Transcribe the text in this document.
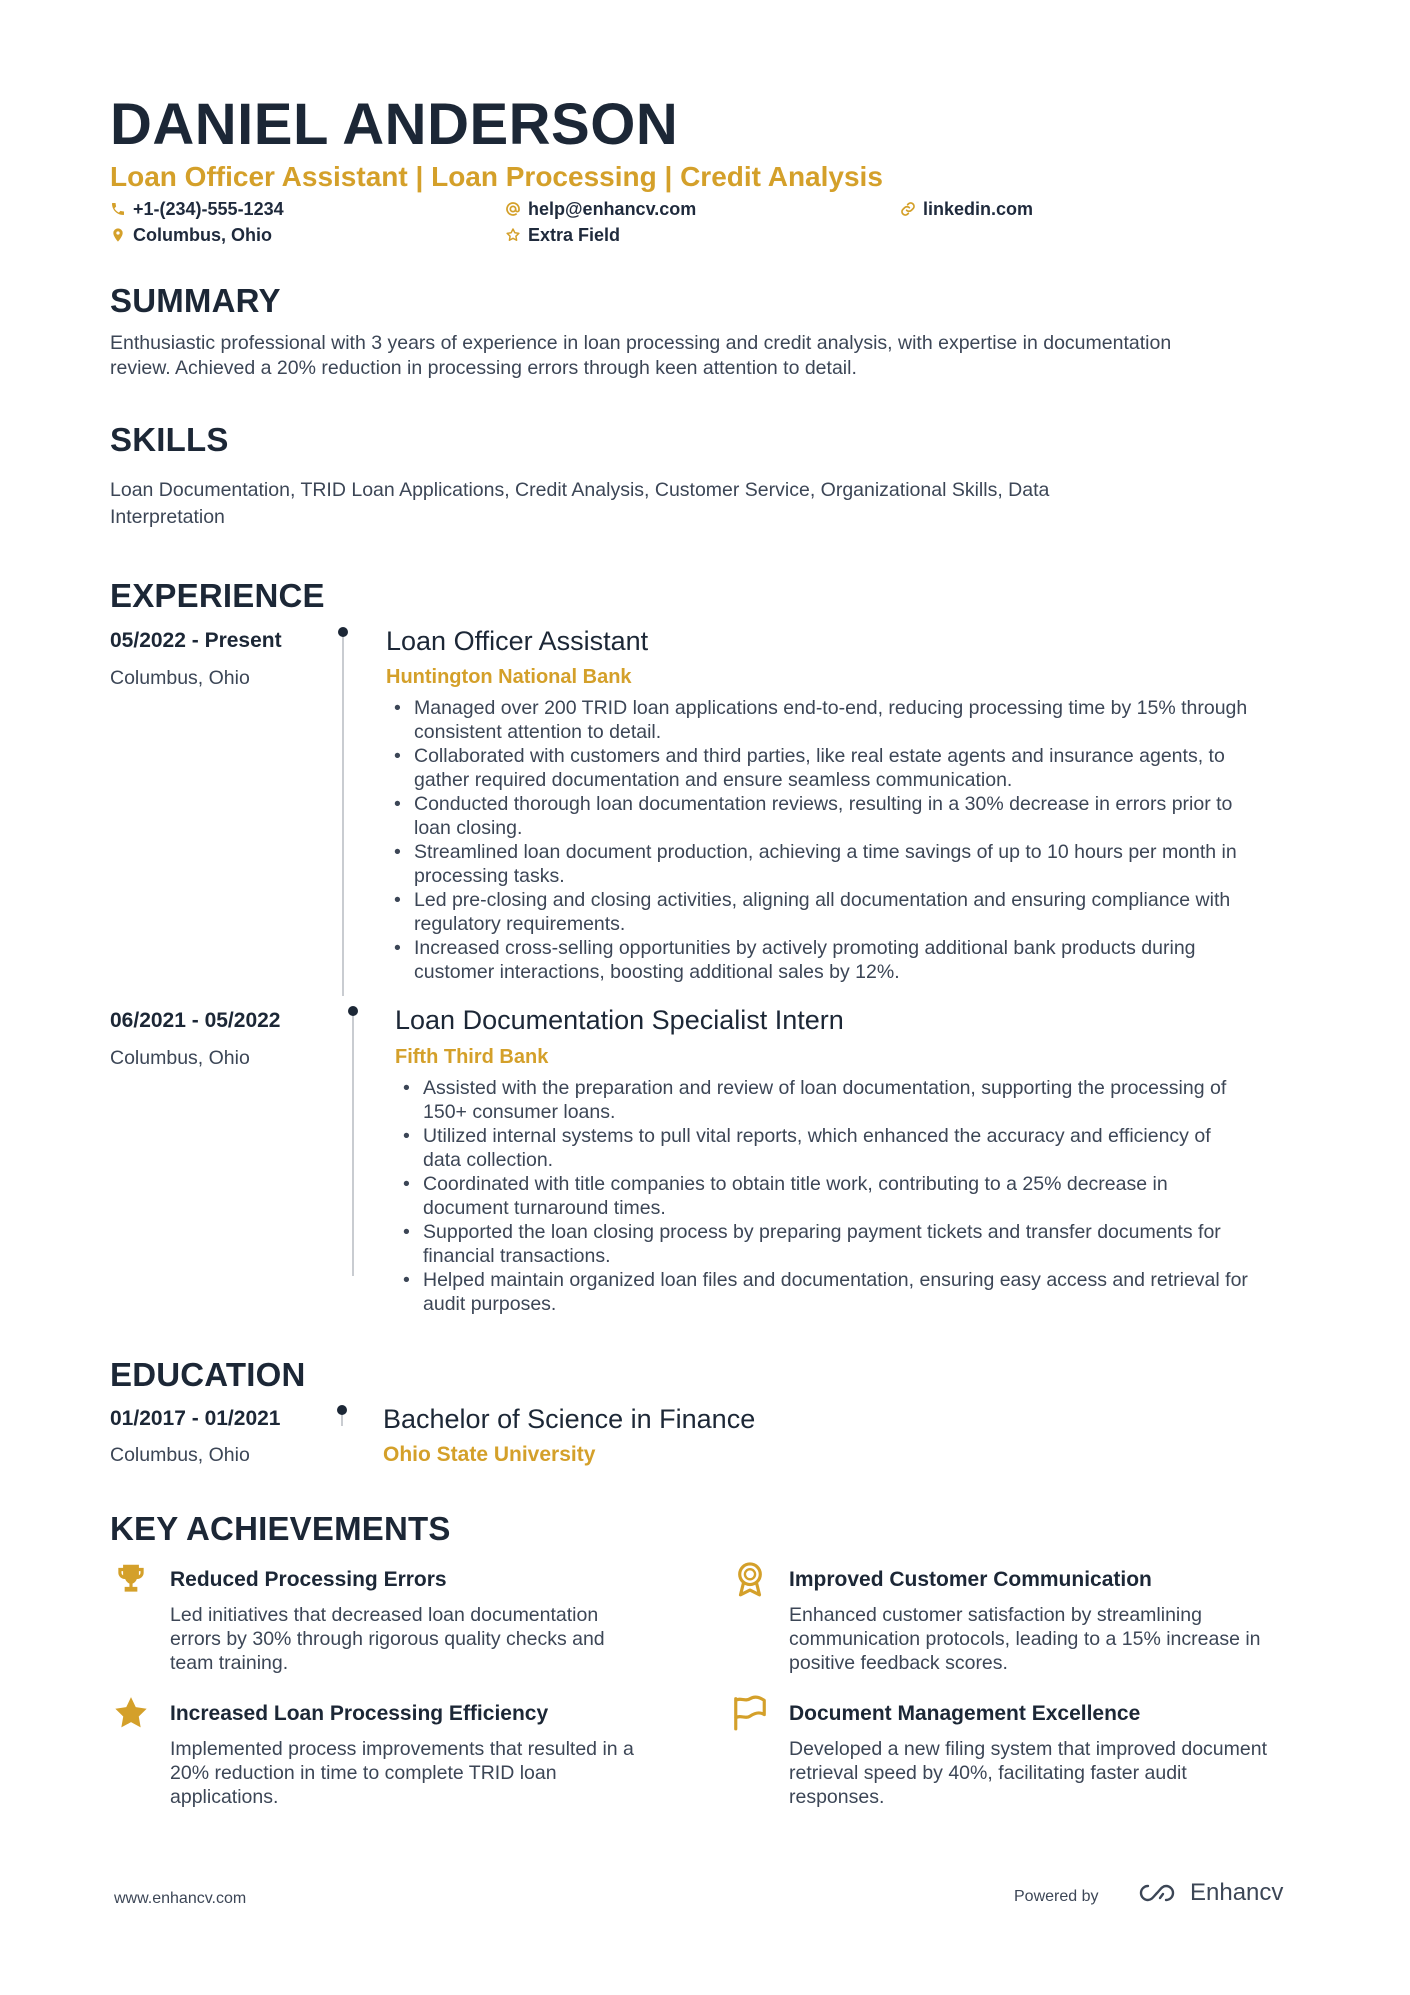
DANIEL ANDERSON
Loan Officer Assistant | Loan Processing | Credit Analysis
+1-(234)-555-1234	help@enhancv.com	linkedin.com
Columbus, Ohio	Extra Field
SUMMARY
Enthusiastic professional with 3 years of experience in loan processing and credit analysis, with expertise in documentation
review. Achieved a 20% reduction in processing errors through keen attention to detail.
SKILLS
Loan Documentation, TRID Loan Applications, Credit Analysis, Customer Service, Organizational Skills, Data
Interpretation
EXPERIENCE
05/2022 - Present
Columbus, Ohio
Loan Officer Assistant
Huntington National Bank
• Managed over 200 TRID loan applications end-to-end, reducing processing time by 15% through
consistent attention to detail.
• Collaborated with customers and third parties, like real estate agents and insurance agents, to
gather required documentation and ensure seamless communication.
• Conducted thorough loan documentation reviews, resulting in a 30% decrease in errors prior to
loan closing.
• Streamlined loan document production, achieving a time savings of up to 10 hours per month in
processing tasks.
• Led pre-closing and closing activities, aligning all documentation and ensuring compliance with
regulatory requirements.
• Increased cross-selling opportunities by actively promoting additional bank products during
customer interactions, boosting additional sales by 12%.
06/2021 - 05/2022
Columbus, Ohio
Loan Documentation Specialist Intern
Fifth Third Bank
• Assisted with the preparation and review of loan documentation, supporting the processing of
150+ consumer loans.
• Utilized internal systems to pull vital reports, which enhanced the accuracy and efficiency of
data collection.
• Coordinated with title companies to obtain title work, contributing to a 25% decrease in
document turnaround times.
• Supported the loan closing process by preparing payment tickets and transfer documents for
financial transactions.
• Helped maintain organized loan files and documentation, ensuring easy access and retrieval for
audit purposes.
EDUCATION
01/2017 - 01/2021
Columbus, Ohio
Bachelor of Science in Finance
Ohio State University
KEY ACHIEVEMENTS
Reduced Processing Errors
Led initiatives that decreased loan documentation
errors by 30% through rigorous quality checks and
team training.
Improved Customer Communication
Enhanced customer satisfaction by streamlining
communication protocols, leading to a 15% increase in
positive feedback scores.
Increased Loan Processing Efficiency
Implemented process improvements that resulted in a
20% reduction in time to complete TRID loan
applications.
Document Management Excellence
Developed a new filing system that improved document
retrieval speed by 40%, facilitating faster audit
responses.
www.enhancv.com	Powered by	Enhancv
